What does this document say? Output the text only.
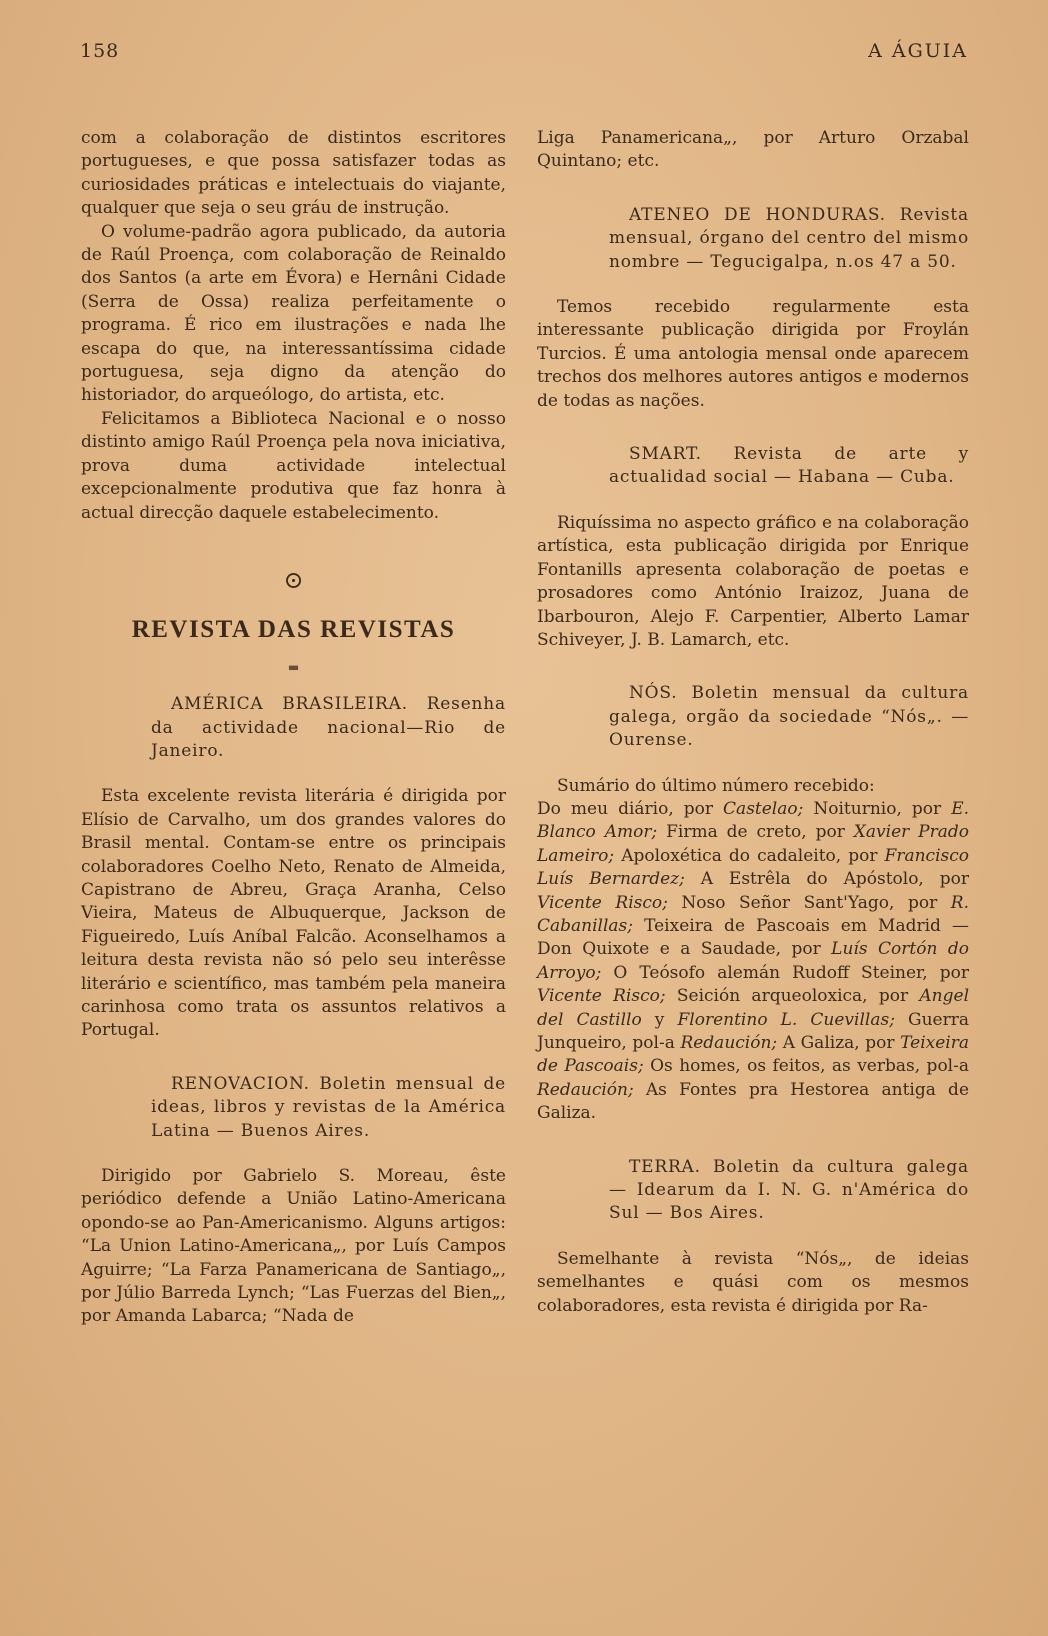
158	A ÁGUIA

com a colaboração de distintos escritores portugueses, e que possa satisfazer todas as curiosidades práticas e intelectuais do viajante, qualquer que seja o seu gráu de instrução.

O volume-padrão agora publicado, da autoria de Raúl Proença, com colaboração de Reinaldo dos Santos (a arte em Évora) e Hernâni Cidade (Serra de Ossa) realiza perfeitamente o programa. É rico em ilustrações e nada lhe escapa do que, na interessantíssima cidade portuguesa, seja digno da atenção do historiador, do arqueólogo, do artista, etc.

Felicitamos a Biblioteca Nacional e o nosso distinto amigo Raúl Proença pela nova iniciativa, prova duma actividade intelectual excepcionalmente produtiva que faz honra à actual direcção daquele estabelecimento.

⊙
REVISTA DAS REVISTAS
▬

AMÉRICA BRASILEIRA. Resenha da actividade nacional—Rio de Janeiro.

Esta excelente revista literária é dirigida por Elísio de Carvalho, um dos grandes valores do Brasil mental. Contam-se entre os principais colaboradores Coelho Neto, Renato de Almeida, Capistrano de Abreu, Graça Aranha, Celso Vieira, Mateus de Albuquerque, Jackson de Figueiredo, Luís Aníbal Falcão. Aconselhamos a leitura desta revista não só pelo seu interêsse literário e scientífico, mas também pela maneira carinhosa como trata os assuntos relativos a Portugal.

RENOVACION. Boletin mensual de ideas, libros y revistas de la América Latina — Buenos Aires.

Dirigido por Gabrielo S. Moreau, êste periódico defende a União Latino-Americana opondo-se ao Pan-Americanismo. Alguns artigos: “La Union Latino-Americana„, por Luís Campos Aguirre; “La Farza Panamericana de Santiago„, por Júlio Barreda Lynch; “Las Fuerzas del Bien„, por Amanda Labarca; “Nada de

Liga Panamericana„, por Arturo Orzabal Quintano; etc.

ATENEO DE HONDURAS. Revista mensual, órgano del centro del mismo nombre — Tegucigalpa, n.os 47 a 50.

Temos recebido regularmente esta interessante publicação dirigida por Froylán Turcios. É uma antologia mensal onde aparecem trechos dos melhores autores antigos e modernos de todas as nações.

SMART. Revista de arte y actualidad social — Habana — Cuba.

Riquíssima no aspecto gráfico e na colaboração artística, esta publicação dirigida por Enrique Fontanills apresenta colaboração de poetas e prosadores como António Iraizoz, Juana de Ibarbouron, Alejo F. Carpentier, Alberto Lamar Schiveyer, J. B. Lamarch, etc.

NÓS. Boletin mensual da cultura galega, orgão da sociedade “Nós„. — Ourense.

Sumário do último número recebido:
Do meu diário, por Castelao; Noiturnio, por E. Blanco Amor; Firma de creto, por Xavier Prado Lameiro; Apoloxética do cadaleito, por Francisco Luís Bernardez; A Estrêla do Apóstolo, por Vicente Risco; Noso Señor Sant'Yago, por R. Cabanillas; Teixeira de Pascoais em Madrid — Don Quixote e a Saudade, por Luís Cortón do Arroyo; O Teósofo alemán Rudoff Steiner, por Vicente Risco; Seición arqueoloxica, por Angel del Castillo y Florentino L. Cuevillas; Guerra Junqueiro, pol-a Redaución; A Galiza, por Teixeira de Pascoais; Os homes, os feitos, as verbas, pol-a Redaución; As Fontes pra Hestorea antiga de Galiza.

TERRA. Boletin da cultura galega — Idearum da I. N. G. n'América do Sul — Bos Aires.

Semelhante à revista “Nós„, de ideias semelhantes e quási com os mesmos colaboradores, esta revista é dirigida por Ra-
